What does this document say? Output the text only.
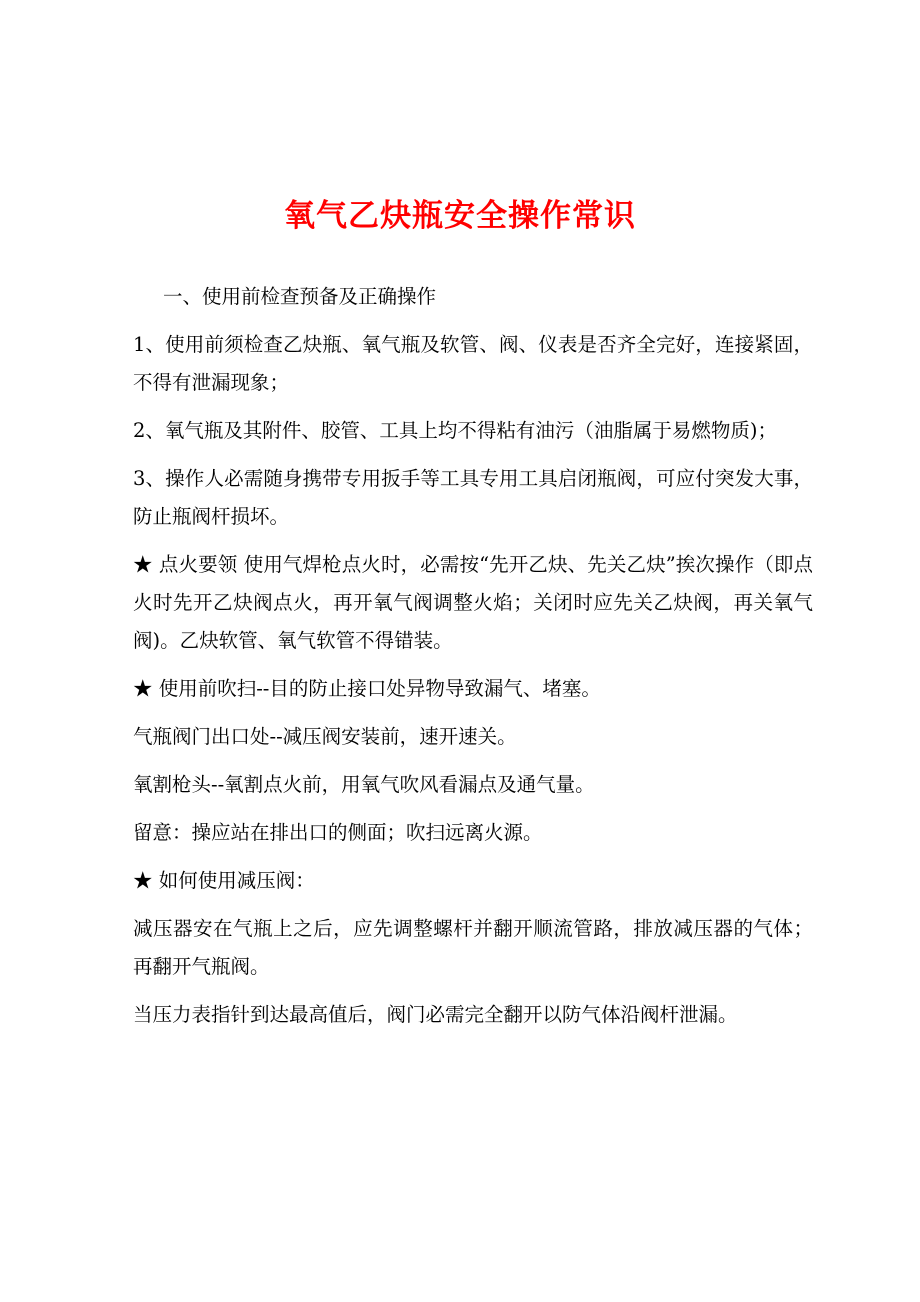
氧气乙炔瓶安全操作常识

一、使用前检查预备及正确操作

1、使用前须检查乙炔瓶、氧气瓶及软管、阀、仪表是否齐全完好，连接紧固，不得有泄漏现象；

2、氧气瓶及其附件、胶管、工具上均不得粘有油污（油脂属于易燃物质)；

3、操作人必需随身携带专用扳手等工具专用工具启闭瓶阀，可应付突发大事，防止瓶阀杆损坏。

★ 点火要领 使用气焊枪点火时，必需按“先开乙炔、先关乙炔”挨次操作（即点火时先开乙炔阀点火，再开氧气阀调整火焰；关闭时应先关乙炔阀，再关氧气阀)。乙炔软管、氧气软管不得错装。

★ 使用前吹扫--目的防止接口处异物导致漏气、堵塞。

气瓶阀门出口处--减压阀安装前，速开速关。

氧割枪头--氧割点火前，用氧气吹风看漏点及通气量。

留意：操应站在排出口的侧面；吹扫远离火源。

★ 如何使用减压阀：

减压器安在气瓶上之后，应先调整螺杆并翻开顺流管路，排放减压器的气体；再翻开气瓶阀。

当压力表指针到达最高值后，阀门必需完全翻开以防气体沿阀杆泄漏。
